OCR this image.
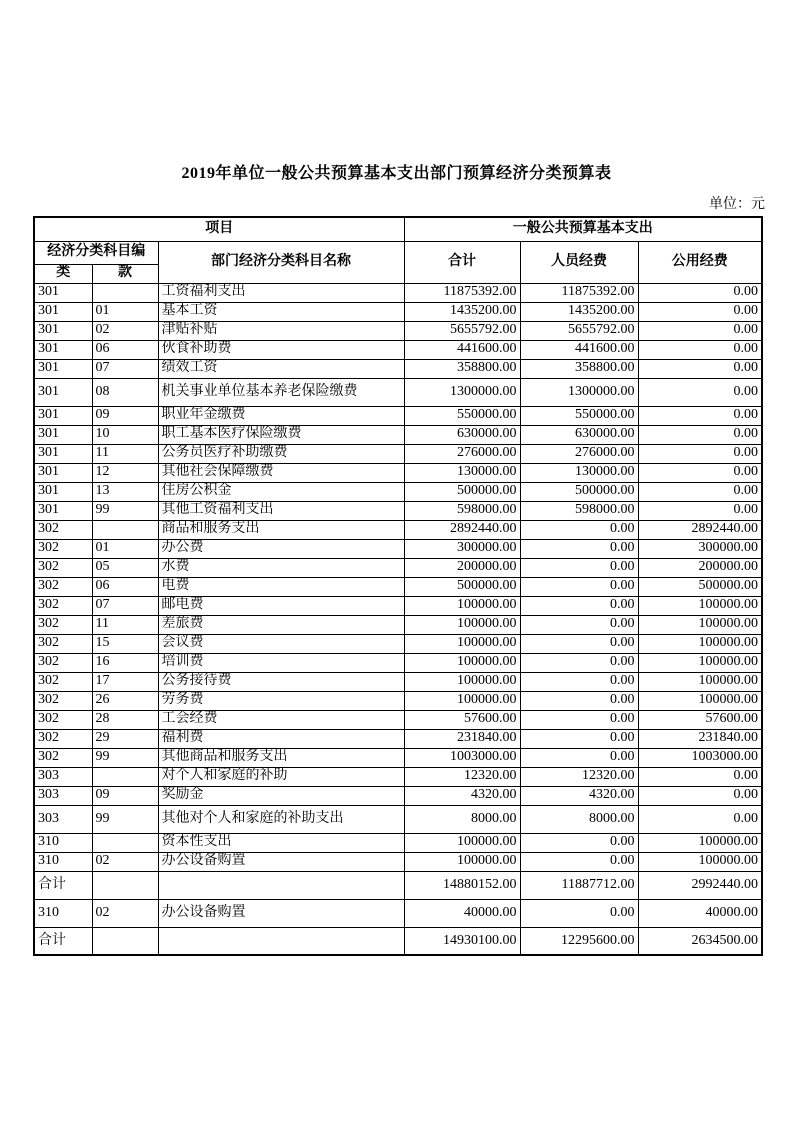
2019年单位一般公共预算基本支出部门预算经济分类预算表
单位：元
项目			一般公共预算基本支出		
经济分类科目编		部门经济分类科目名称	合计	人员经费	公用经费
类	款				
301		工资福利支出	11875392.00	11875392.00	0.00
301	01	基本工资	1435200.00	1435200.00	0.00
301	02	津贴补贴	5655792.00	5655792.00	0.00
301	06	伙食补助费	441600.00	441600.00	0.00
301	07	绩效工资	358800.00	358800.00	0.00
301	08	机关事业单位基本养老保险缴费	1300000.00	1300000.00	0.00
301	09	职业年金缴费	550000.00	550000.00	0.00
301	10	职工基本医疗保险缴费	630000.00	630000.00	0.00
301	11	公务员医疗补助缴费	276000.00	276000.00	0.00
301	12	其他社会保障缴费	130000.00	130000.00	0.00
301	13	住房公积金	500000.00	500000.00	0.00
301	99	其他工资福利支出	598000.00	598000.00	0.00
302		商品和服务支出	2892440.00	0.00	2892440.00
302	01	办公费	300000.00	0.00	300000.00
302	05	水费	200000.00	0.00	200000.00
302	06	电费	500000.00	0.00	500000.00
302	07	邮电费	100000.00	0.00	100000.00
302	11	差旅费	100000.00	0.00	100000.00
302	15	会议费	100000.00	0.00	100000.00
302	16	培训费	100000.00	0.00	100000.00
302	17	公务接待费	100000.00	0.00	100000.00
302	26	劳务费	100000.00	0.00	100000.00
302	28	工会经费	57600.00	0.00	57600.00
302	29	福利费	231840.00	0.00	231840.00
302	99	其他商品和服务支出	1003000.00	0.00	1003000.00
303		对个人和家庭的补助	12320.00	12320.00	0.00
303	09	奖励金	4320.00	4320.00	0.00
303	99	其他对个人和家庭的补助支出	8000.00	8000.00	0.00
310		资本性支出	100000.00	0.00	100000.00
310	02	办公设备购置	100000.00	0.00	100000.00
合计			14880152.00	11887712.00	2992440.00
310	02	办公设备购置	40000.00	0.00	40000.00
合计			14930100.00	12295600.00	2634500.00
